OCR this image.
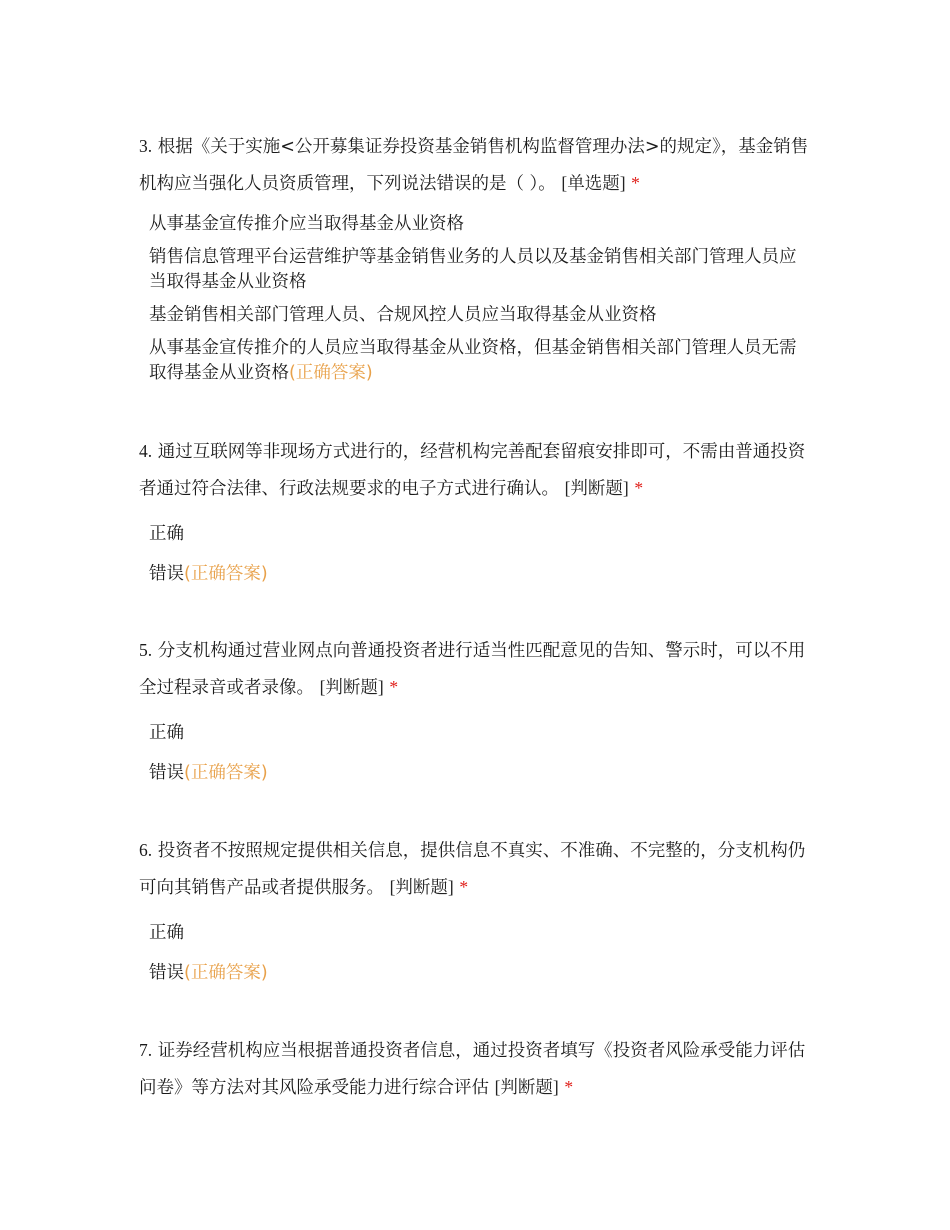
3. 根据《关于实施<公开募集证券投资基金销售机构监督管理办法>的规定》，基金销售机构应当强化人员资质管理，下列说法错误的是（ ）。 [单选题] *

从事基金宣传推介应当取得基金从业资格
销售信息管理平台运营维护等基金销售业务的人员以及基金销售相关部门管理人员应当取得基金从业资格
基金销售相关部门管理人员、合规风控人员应当取得基金从业资格
从事基金宣传推介的人员应当取得基金从业资格，但基金销售相关部门管理人员无需取得基金从业资格(正确答案)

4. 通过互联网等非现场方式进行的，经营机构完善配套留痕安排即可，不需由普通投资者通过符合法律、行政法规要求的电子方式进行确认。 [判断题] *

正确
错误(正确答案)

5. 分支机构通过营业网点向普通投资者进行适当性匹配意见的告知、警示时，可以不用全过程录音或者录像。 [判断题] *

正确
错误(正确答案)

6. 投资者不按照规定提供相关信息，提供信息不真实、不准确、不完整的，分支机构仍可向其销售产品或者提供服务。 [判断题] *

正确
错误(正确答案)

7. 证券经营机构应当根据普通投资者信息，通过投资者填写《投资者风险承受能力评估问卷》等方法对其风险承受能力进行综合评估 [判断题] *
